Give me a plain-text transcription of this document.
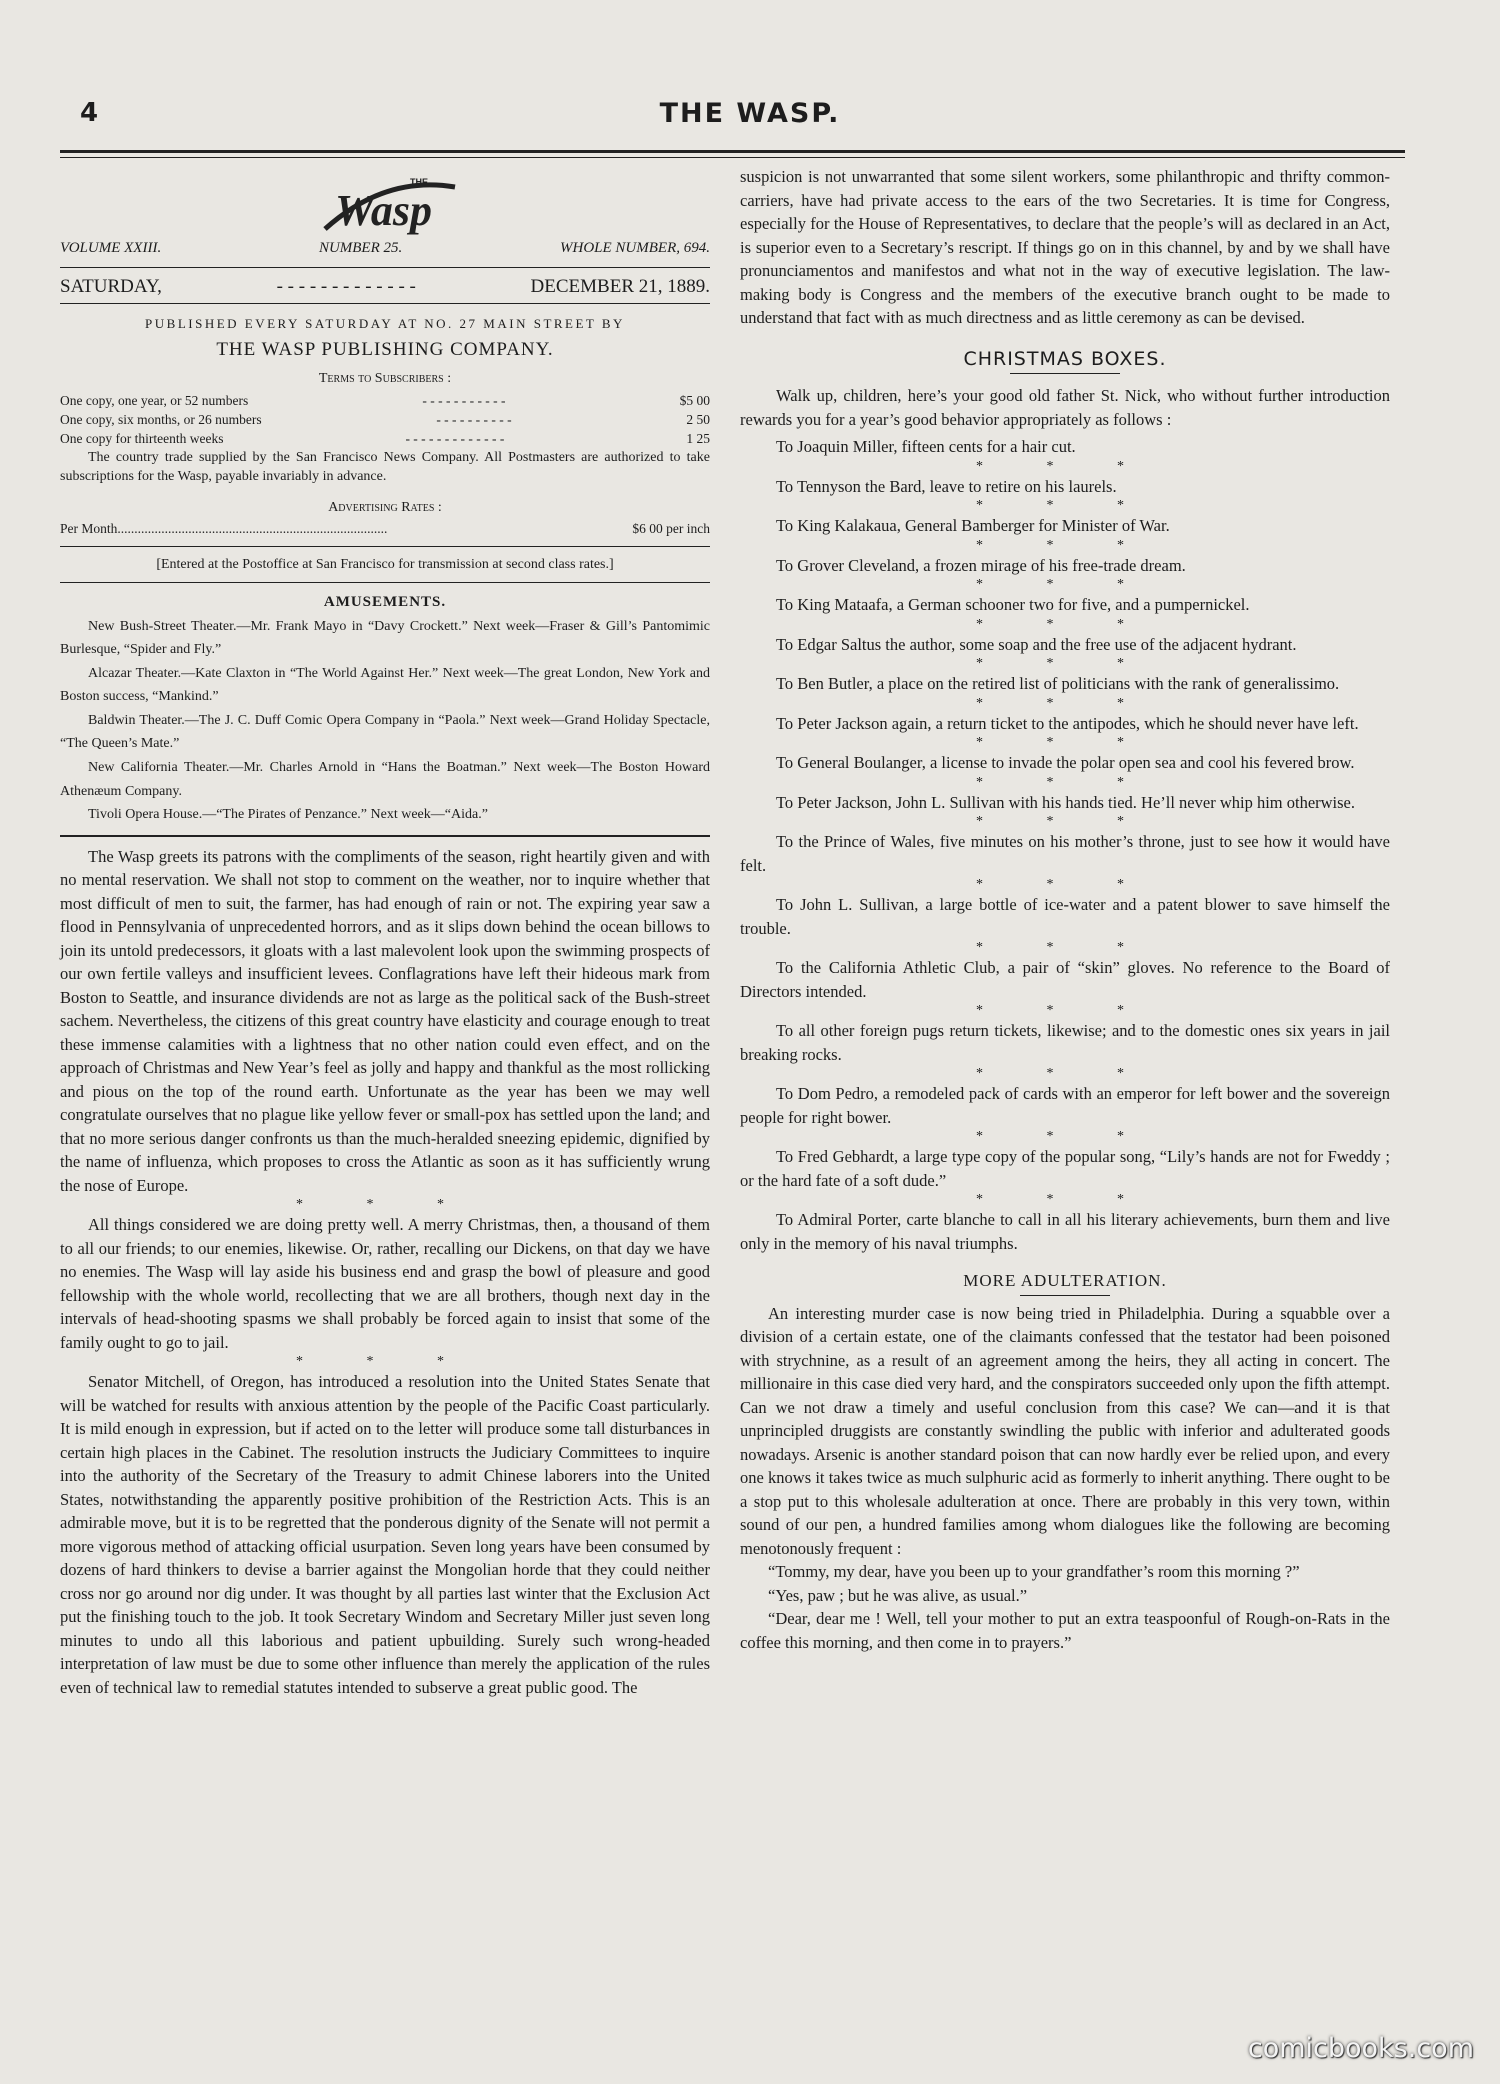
4	THE WASP.
THE
Wasp
VOLUME XXIII.	NUMBER 25.	WHOLE NUMBER, 694.
SATURDAY,	- - - - - - - - - - - - -	DECEMBER 21, 1889.
PUBLISHED EVERY SATURDAY AT NO. 27 MAIN STREET BY
THE WASP PUBLISHING COMPANY.
Terms to Subscribers :
One copy, one year, or 52 numbers	- - - - - - - - - - -	$5 00
One copy, six months, or 26 numbers	- - - - - - - - - -	2 50
One copy for thirteenth weeks	- - - - - - - - - - - - -	1 25
The country trade supplied by the San Francisco News Company. All Postmasters are authorized to take subscriptions for the Wasp, payable invariably in advance.
Advertising Rates :
Per Month ................................................................................	$6 00 per inch
[Entered at the Postoffice at San Francisco for transmission at second class rates.]
AMUSEMENTS.

New Bush-Street Theater.—Mr. Frank Mayo in “Davy Crockett.” Next week—Fraser & Gill’s Pantomimic Burlesque, “Spider and Fly.”

Alcazar Theater.—Kate Claxton in “The World Against Her.” Next week—The great London, New York and Boston success, “Mankind.”

Baldwin Theater.—The J. C. Duff Comic Opera Company in “Paola.” Next week—Grand Holiday Spectacle, “The Queen’s Mate.”

New California Theater.—Mr. Charles Arnold in “Hans the Boatman.” Next week—The Boston Howard Athenæum Company.

Tivoli Opera House.—“The Pirates of Penzance.” Next week—“Aida.”

The Wasp greets its patrons with the compliments of the season, right heartily given and with no mental reservation. We shall not stop to comment on the weather, nor to inquire whether that most difficult of men to suit, the farmer, has had enough of rain or not. The expiring year saw a flood in Pennsylvania of unprecedented horrors, and as it slips down behind the ocean billows to join its untold predecessors, it gloats with a last malevolent look upon the swimming prospects of our own fertile valleys and insufficient levees. Conflagrations have left their hideous mark from Boston to Seattle, and insurance dividends are not as large as the political sack of the Bush-street sachem. Nevertheless, the citizens of this great country have elasticity and courage enough to treat these immense calamities with a lightness that no other nation could even effect, and on the approach of Christmas and New Year’s feel as jolly and happy and thankful as the most rollicking and pious on the top of the round earth. Unfortunate as the year has been we may well congratulate ourselves that no plague like yellow fever or small-pox has settled upon the land; and that no more serious danger confronts us than the much-heralded sneezing epidemic, dignified by the name of influenza, which proposes to cross the Atlantic as soon as it has sufficiently wrung the nose of Europe.

* * *

All things considered we are doing pretty well. A merry Christmas, then, a thousand of them to all our friends; to our enemies, likewise. Or, rather, recalling our Dickens, on that day we have no enemies. The Wasp will lay aside his business end and grasp the bowl of pleasure and good fellowship with the whole world, recollecting that we are all brothers, though next day in the intervals of head-shooting spasms we shall probably be forced again to insist that some of the family ought to go to jail.

* * *

Senator Mitchell, of Oregon, has introduced a resolution into the United States Senate that will be watched for results with anxious attention by the people of the Pacific Coast particularly. It is mild enough in expression, but if acted on to the letter will produce some tall disturbances in certain high places in the Cabinet. The resolution instructs the Judiciary Committees to inquire into the authority of the Secretary of the Treasury to admit Chinese laborers into the United States, notwithstanding the apparently positive prohibition of the Restriction Acts. This is an admirable move, but it is to be regretted that the ponderous dignity of the Senate will not permit a more vigorous method of attacking official usurpation. Seven long years have been consumed by dozens of hard thinkers to devise a barrier against the Mongolian horde that they could neither cross nor go around nor dig under. It was thought by all parties last winter that the Exclusion Act put the finishing touch to the job. It took Secretary Windom and Secretary Miller just seven long minutes to undo all this laborious and patient upbuilding. Surely such wrong-headed interpretation of law must be due to some other influence than merely the application of the rules even of technical law to remedial statutes intended to subserve a great public good. The

suspicion is not unwarranted that some silent workers, some philanthropic and thrifty common-carriers, have had private access to the ears of the two Secretaries. It is time for Congress, especially for the House of Representatives, to declare that the people’s will as declared in an Act, is superior even to a Secretary’s rescript. If things go on in this channel, by and by we shall have pronunciamentos and manifestos and what not in the way of executive legislation. The law-making body is Congress and the members of the executive branch ought to be made to understand that fact with as much directness and as little ceremony as can be devised.

CHRISTMAS BOXES.

Walk up, children, here’s your good old father St. Nick, who without further introduction rewards you for a year’s good behavior appropriately as follows :

To Joaquin Miller, fifteen cents for a hair cut.

* * *

To Tennyson the Bard, leave to retire on his laurels.

* * *

To King Kalakaua, General Bamberger for Minister of War.

* * *

To Grover Cleveland, a frozen mirage of his free-trade dream.

* * *

To King Mataafa, a German schooner two for five, and a pumpernickel.

* * *

To Edgar Saltus the author, some soap and the free use of the adjacent hydrant.

* * *

To Ben Butler, a place on the retired list of politicians with the rank of generalissimo.

* * *

To Peter Jackson again, a return ticket to the antipodes, which he should never have left.

* * *

To General Boulanger, a license to invade the polar open sea and cool his fevered brow.

* * *

To Peter Jackson, John L. Sullivan with his hands tied. He’ll never whip him otherwise.

* * *

To the Prince of Wales, five minutes on his mother’s throne, just to see how it would have felt.

* * *

To John L. Sullivan, a large bottle of ice-water and a patent blower to save himself the trouble.

* * *

To the California Athletic Club, a pair of “skin” gloves. No reference to the Board of Directors intended.

* * *

To all other foreign pugs return tickets, likewise; and to the domestic ones six years in jail breaking rocks.

* * *

To Dom Pedro, a remodeled pack of cards with an emperor for left bower and the sovereign people for right bower.

* * *

To Fred Gebhardt, a large type copy of the popular song, “Lily’s hands are not for Fweddy ; or the hard fate of a soft dude.”

* * *

To Admiral Porter, carte blanche to call in all his literary achievements, burn them and live only in the memory of his naval triumphs.

MORE ADULTERATION.

An interesting murder case is now being tried in Philadelphia. During a squabble over a division of a certain estate, one of the claimants confessed that the testator had been poisoned with strychnine, as a result of an agreement among the heirs, they all acting in concert. The millionaire in this case died very hard, and the conspirators succeeded only upon the fifth attempt. Can we not draw a timely and useful conclusion from this case? We can—and it is that unprincipled druggists are constantly swindling the public with inferior and adulterated goods nowadays. Arsenic is another standard poison that can now hardly ever be relied upon, and every one knows it takes twice as much sulphuric acid as formerly to inherit anything. There ought to be a stop put to this wholesale adulteration at once. There are probably in this very town, within sound of our pen, a hundred families among whom dialogues like the following are becoming menotonously frequent :

“Tommy, my dear, have you been up to your grandfather’s room this morning ?”

“Yes, paw ; but he was alive, as usual.”

“Dear, dear me ! Well, tell your mother to put an extra teaspoonful of Rough-on-Rats in the coffee this morning, and then come in to prayers.”

comicbooks.com
